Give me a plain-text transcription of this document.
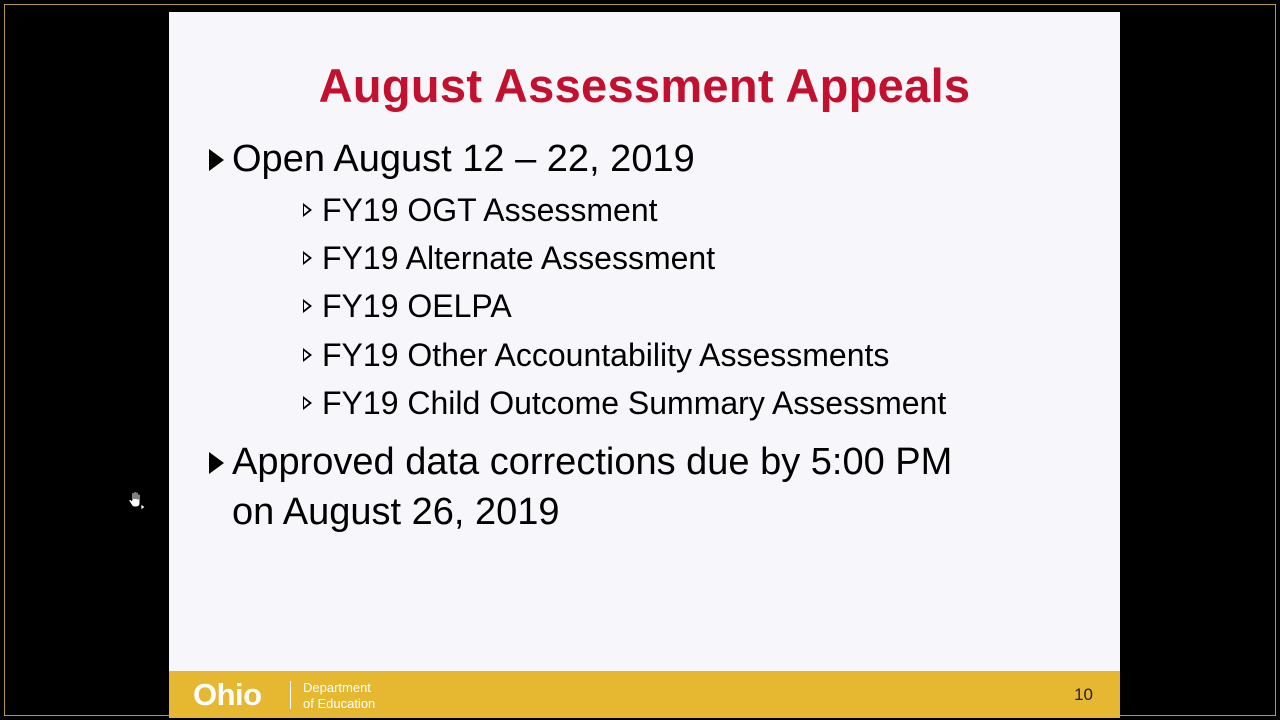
August Assessment Appeals
Open August 12 – 22, 2019
FY19 OGT Assessment
FY19 Alternate Assessment
FY19 OELPA
FY19 Other Accountability Assessments
FY19 Child Outcome Summary Assessment
Approved data corrections due by 5:00 PM
on August 26, 2019
Ohio	Department
of Education	10
